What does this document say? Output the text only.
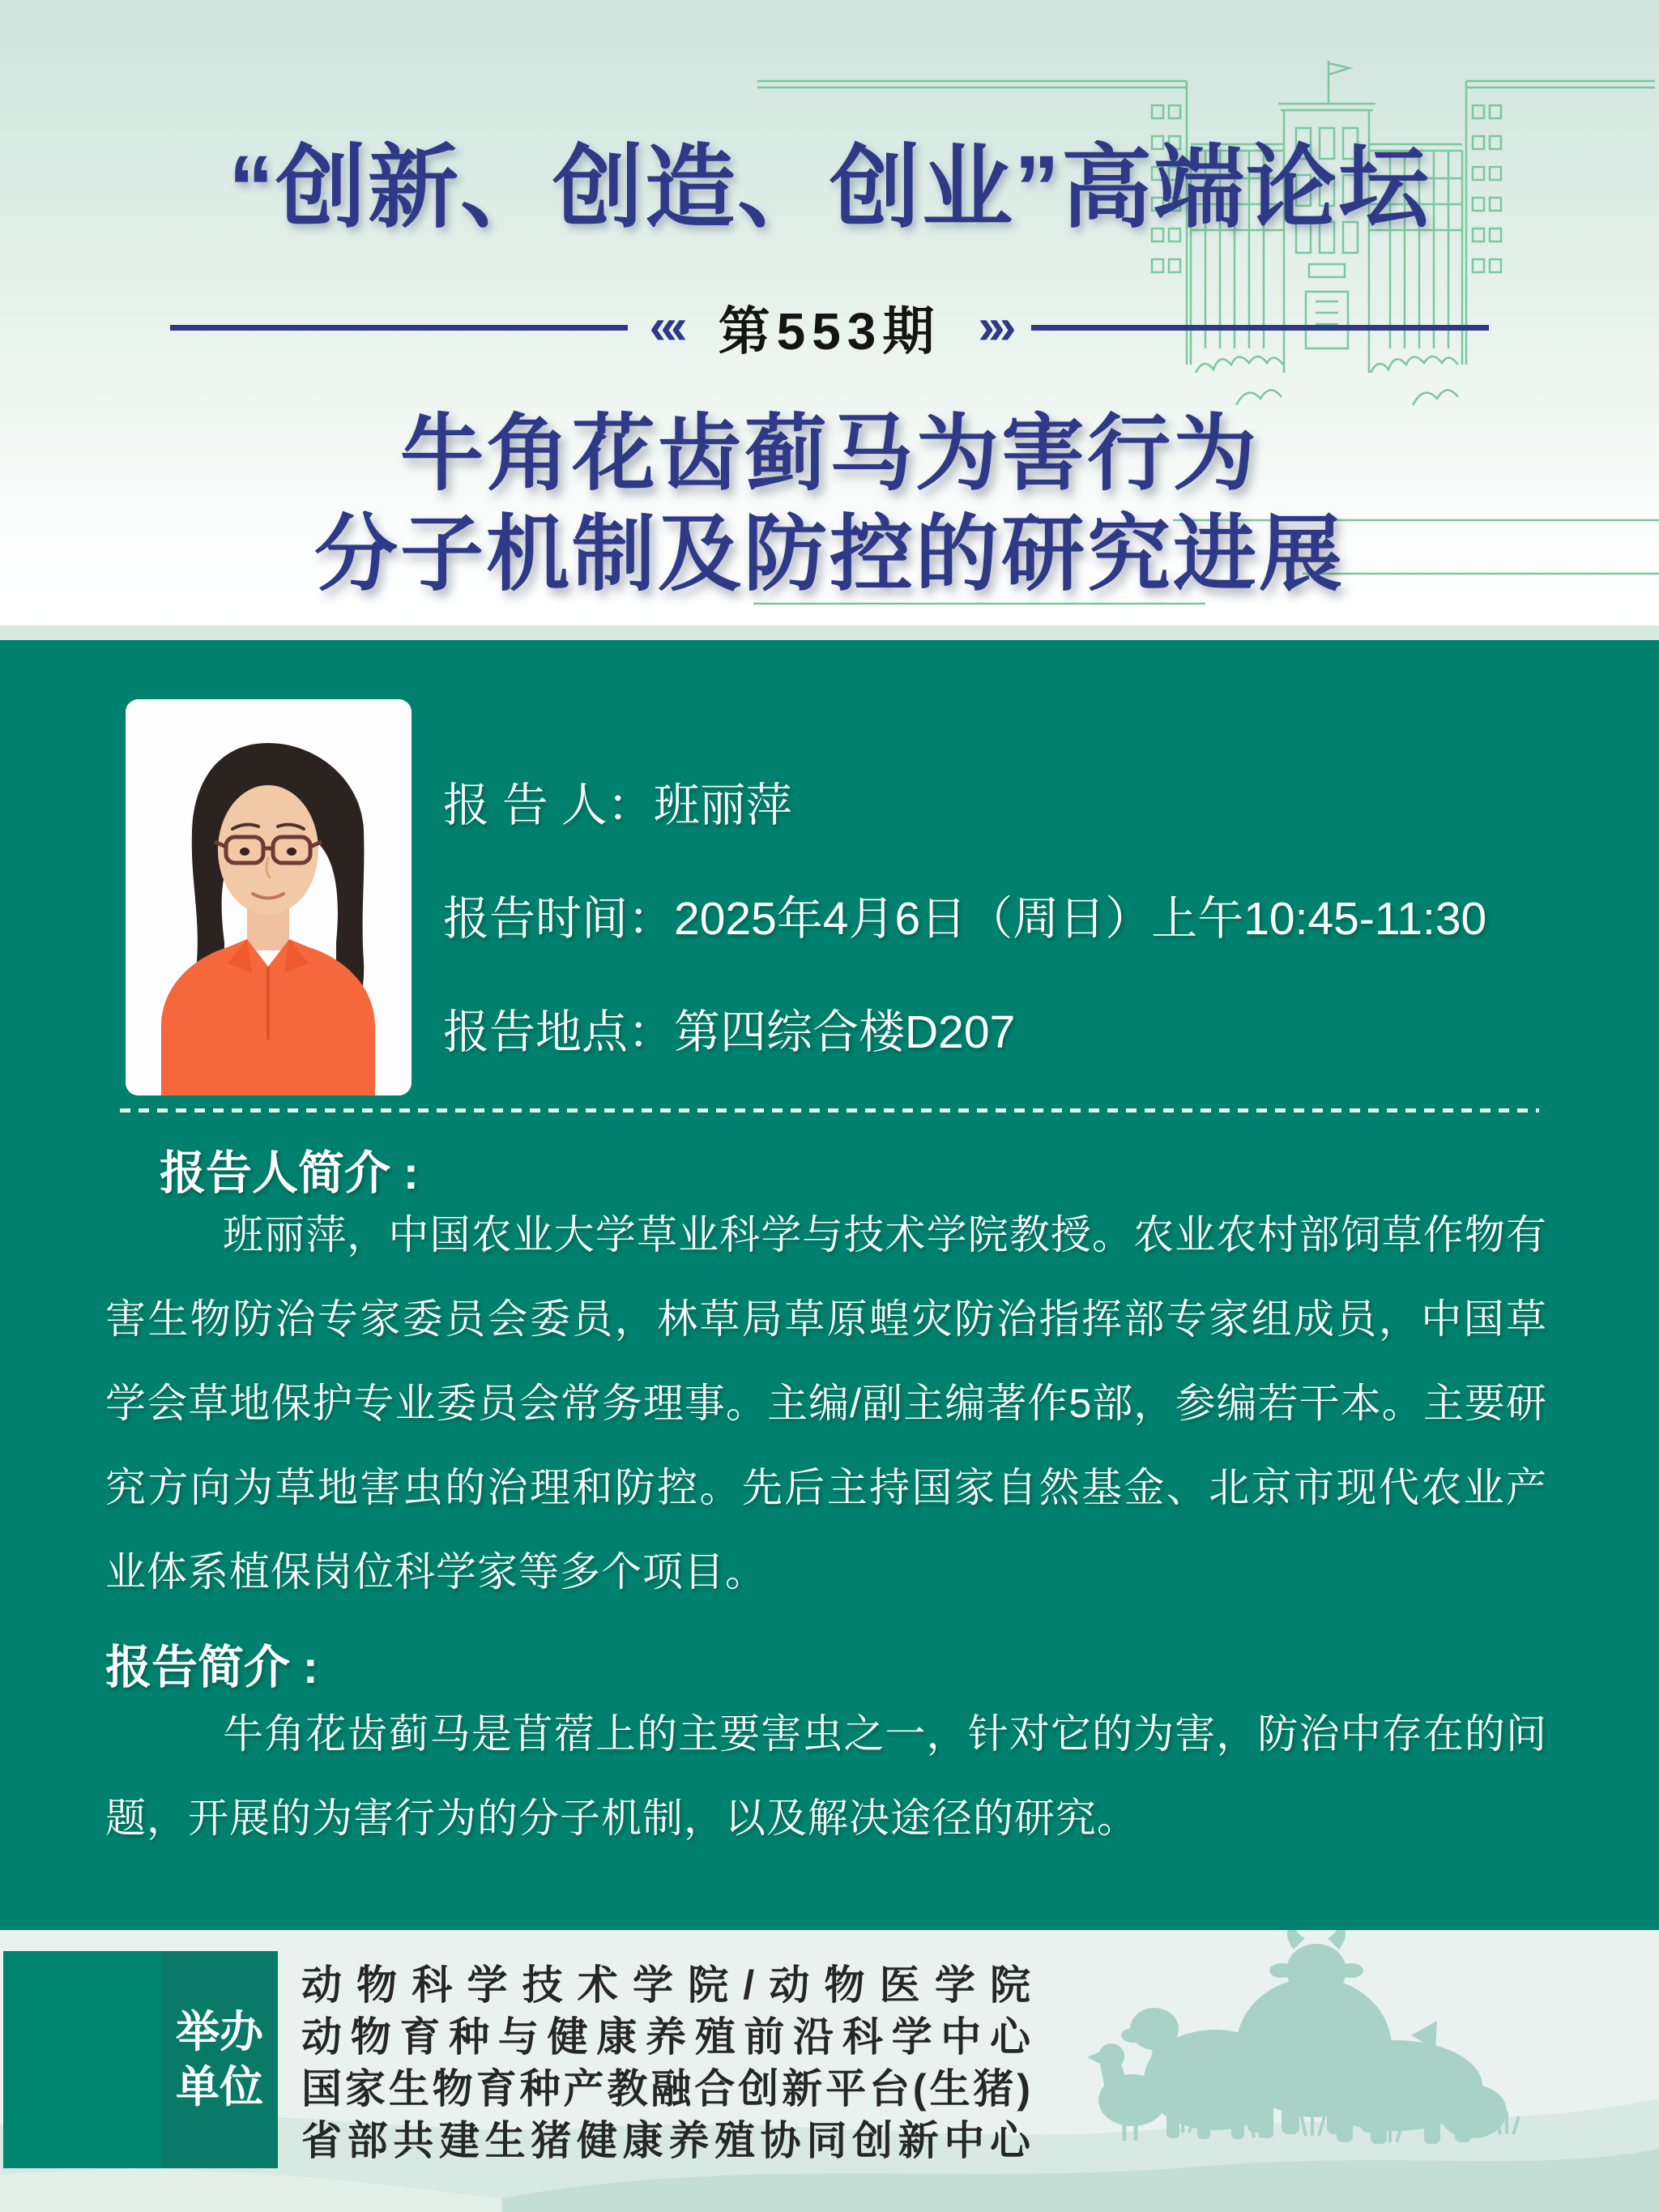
“创新、创造、创业”高端论坛
«‹ 第553期 ›»
牛角花齿蓟马为害行为
分子机制及防控的研究进展
报 告 人： 班丽萍
报告时间： 2025年4月6日（周日）上午10:45-11:30
报告地点： 第四综合楼D207
报告人简介 :

班丽萍，中国农业大学草业科学与技术学院教授。农业农村部饲草作物有害生物防治专家委员会委员，林草局草原蝗灾防治指挥部专家组成员，中国草学会草地保护专业委员会常务理事。主编/副主编著作5部，参编若干本。主要研究方向为草地害虫的治理和防控。先后主持国家自然基金、北京市现代农业产业体系植保岗位科学家等多个项目。

报告简介 :

牛角花齿蓟马是苜蓿上的主要害虫之一，针对它的为害，防治中存在的问题，开展的为害行为的分子机制，以及解决途径的研究。

举办
单位

动物科学技术学院/动物医学院

动物育种与健康养殖前沿科学中心

国家生物育种产教融合创新平台(生猪)

省部共建生猪健康养殖协同创新中心
